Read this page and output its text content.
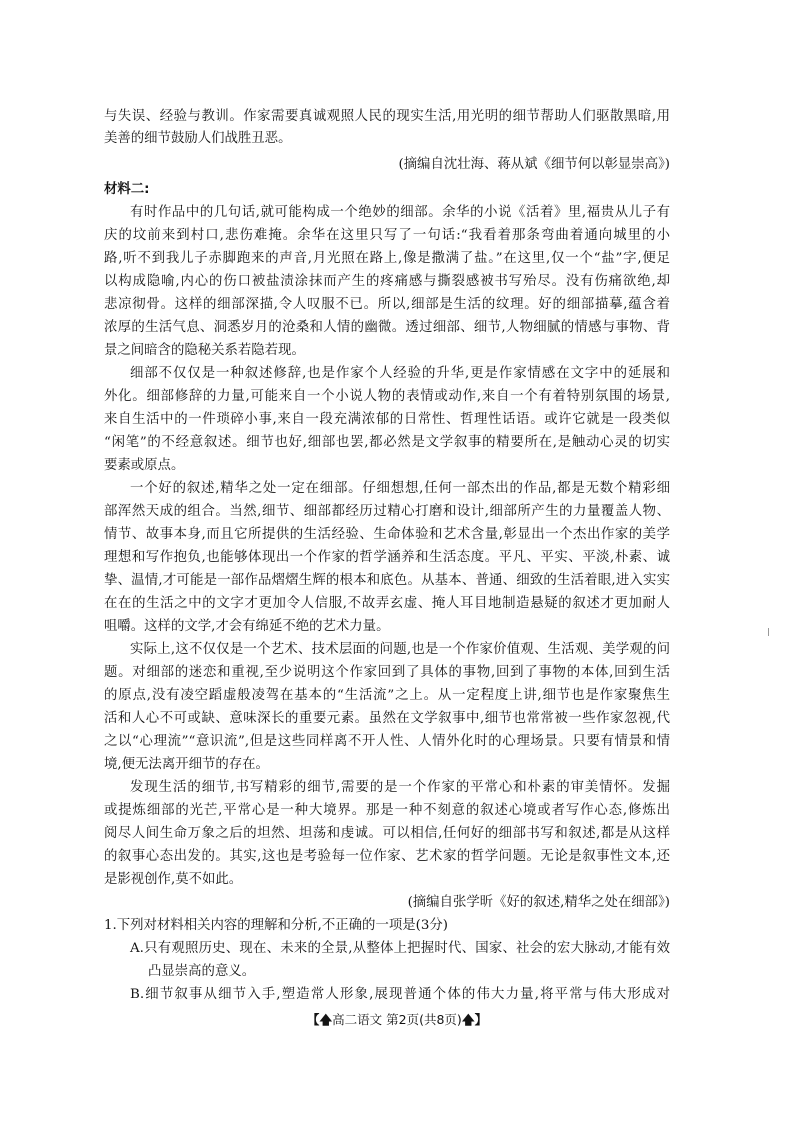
与失误、经验与教训。作家需要真诚观照人民的现实生活,用光明的细节帮助人们驱散黑暗,用
美善的细节鼓励人们战胜丑恶。
(摘编自沈壮海、蒋从斌《细节何以彰显崇高》)
材料二:
有时作品中的几句话,就可能构成一个绝妙的细部。余华的小说《活着》里,福贵从儿子有
庆的坟前来到村口,悲伤难掩。余华在这里只写了一句话:“我看着那条弯曲着通向城里的小
路,听不到我儿子赤脚跑来的声音,月光照在路上,像是撒满了盐。”在这里,仅一个“盐”字,便足
以构成隐喻,内心的伤口被盐渍涂抹而产生的疼痛感与撕裂感被书写殆尽。没有伤痛欲绝,却
悲凉彻骨。这样的细部深描,令人叹服不已。所以,细部是生活的纹理。好的细部描摹,蕴含着
浓厚的生活气息、洞悉岁月的沧桑和人情的幽微。透过细部、细节,人物细腻的情感与事物、背
景之间暗含的隐秘关系若隐若现。
细部不仅仅是一种叙述修辞,也是作家个人经验的升华,更是作家情感在文字中的延展和
外化。细部修辞的力量,可能来自一个小说人物的表情或动作,来自一个有着特别氛围的场景,
来自生活中的一件琐碎小事,来自一段充满浓郁的日常性、哲理性话语。或许它就是一段类似
“闲笔”的不经意叙述。细节也好,细部也罢,都必然是文学叙事的精要所在,是触动心灵的切实
要素或原点。
一个好的叙述,精华之处一定在细部。仔细想想,任何一部杰出的作品,都是无数个精彩细
部浑然天成的组合。当然,细节、细部都经历过精心打磨和设计,细部所产生的力量覆盖人物、
情节、故事本身,而且它所提供的生活经验、生命体验和艺术含量,彰显出一个杰出作家的美学
理想和写作抱负,也能够体现出一个作家的哲学涵养和生活态度。平凡、平实、平淡,朴素、诚
挚、温情,才可能是一部作品熠熠生辉的根本和底色。从基本、普通、细致的生活着眼,进入实实
在在的生活之中的文字才更加令人信服,不故弄玄虚、掩人耳目地制造悬疑的叙述才更加耐人
咀嚼。这样的文学,才会有绵延不绝的艺术力量。
实际上,这不仅仅是一个艺术、技术层面的问题,也是一个作家价值观、生活观、美学观的问
题。对细部的迷恋和重视,至少说明这个作家回到了具体的事物,回到了事物的本体,回到生活
的原点,没有凌空蹈虚般凌驾在基本的“生活流”之上。从一定程度上讲,细节也是作家聚焦生
活和人心不可或缺、意味深长的重要元素。虽然在文学叙事中,细节也常常被一些作家忽视,代
之以“心理流”“意识流”,但是这些同样离不开人性、人情外化时的心理场景。只要有情景和情
境,便无法离开细节的存在。
发现生活的细节,书写精彩的细节,需要的是一个作家的平常心和朴素的审美情怀。发掘
或提炼细部的光芒,平常心是一种大境界。那是一种不刻意的叙述心境或者写作心态,修炼出
阅尽人间生命万象之后的坦然、坦荡和虔诚。可以相信,任何好的细部书写和叙述,都是从这样
的叙事心态出发的。其实,这也是考验每一位作家、艺术家的哲学问题。无论是叙事性文本,还
是影视创作,莫不如此。
(摘编自张学昕《好的叙述,精华之处在细部》)
1.下列对材料相关内容的理解和分析,不正确的一项是(3分)
A.只有观照历史、现在、未来的全景,从整体上把握时代、国家、社会的宏大脉动,才能有效
凸显崇高的意义。
B.细节叙事从细节入手,塑造常人形象,展现普通个体的伟大力量,将平常与伟大形成对
【🡅高二语文 第2页(共8页)🡅】
